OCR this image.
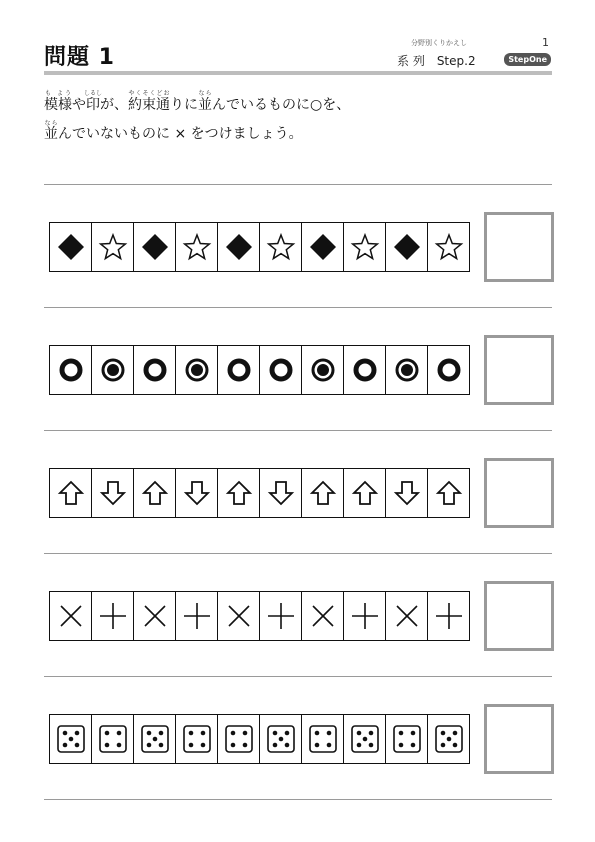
問題 1
分野別くりかえし	1
系 列　Step.2	StepOne
模様も ようや印しるしが、約束通やくそくどおりに並ならんでいるものに○を、
並ならんでいないものに × をつけましょう。
